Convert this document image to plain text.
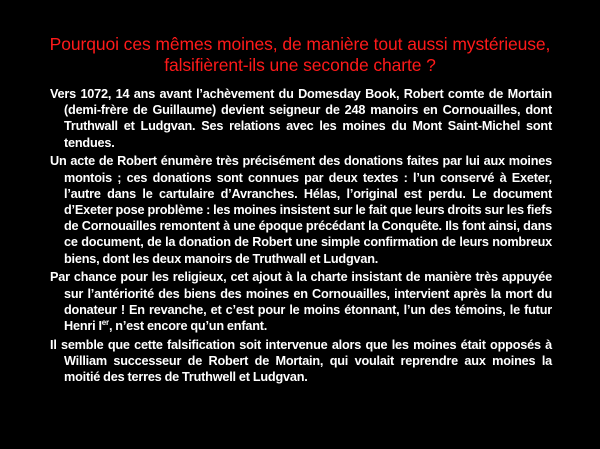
Pourquoi ces mêmes moines, de manière tout aussi mystérieuse, falsifièrent-ils une seconde charte ?

Vers 1072, 14 ans avant l’achèvement du Domesday Book, Robert comte de Mortain (demi-frère de Guillaume) devient seigneur de 248 manoirs en Cornouailles, dont Truthwall et Ludgvan. Ses relations avec les moines du Mont Saint-Michel sont tendues.

Un acte de Robert énumère très précisément des donations faites par lui aux moines montois ; ces donations sont connues par deux textes : l’un conservé à Exeter, l’autre dans le cartulaire d’Avranches. Hélas, l’original est perdu. Le document d’Exeter pose problème : les moines insistent sur le fait que leurs droits sur les fiefs de Cornouailles remontent à une époque précédant la Conquête. Ils font ainsi, dans ce document, de la donation de Robert une simple confirmation de leurs nombreux biens, dont les deux manoirs de Truthwall et Ludgvan.

Par chance pour les religieux, cet ajout à la charte insistant de manière très appuyée sur l’antériorité des biens des moines en Cornouailles, intervient après la mort du donateur ! En revanche, et c’est pour le moins étonnant, l’un des témoins, le futur Henri Ier, n’est encore qu’un enfant.

Il semble que cette falsification soit intervenue alors que les moines était opposés à William successeur de Robert de Mortain, qui voulait reprendre aux moines la moitié des terres de Truthwell et Ludgvan.
